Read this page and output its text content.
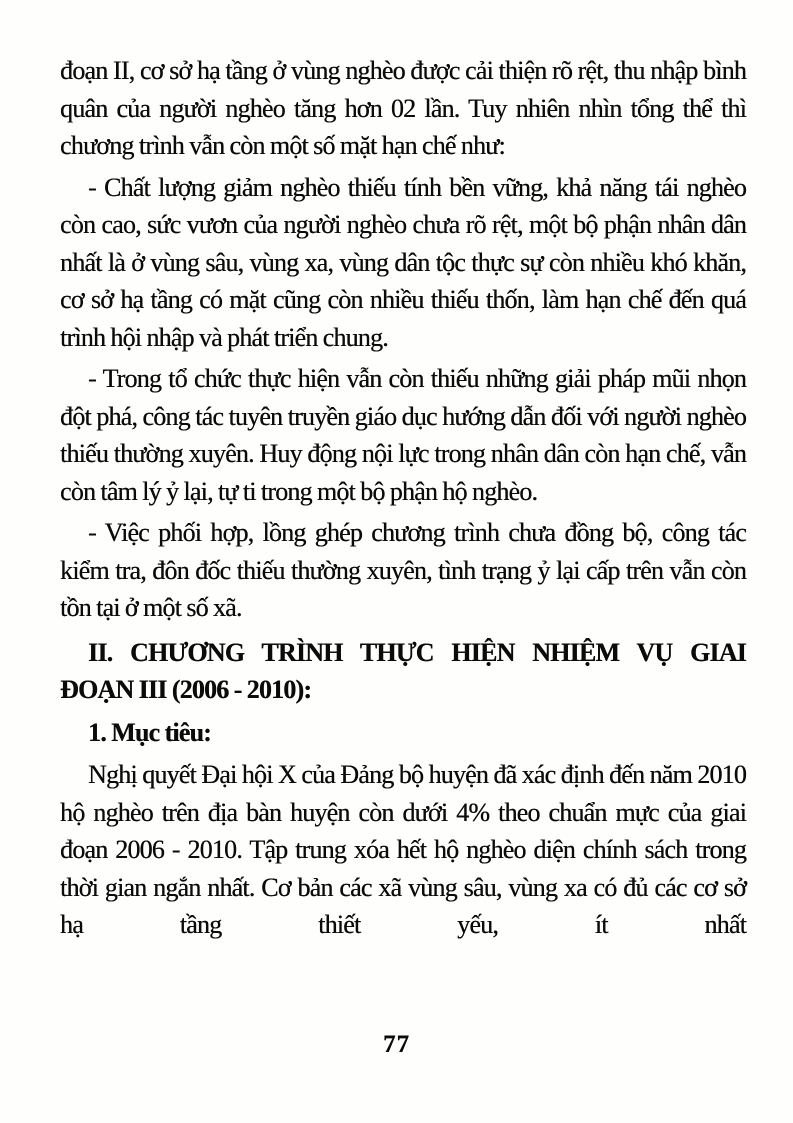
đoạn II, cơ sở hạ tầng ở vùng nghèo được cải thiện rõ rệt, thu nhập bình quân của người nghèo tăng hơn 02 lần. Tuy nhiên nhìn tổng thể thì chương trình vẫn còn một số mặt hạn chế như:

- Chất lượng giảm nghèo thiếu tính bền vững, khả năng tái nghèo còn cao, sức vươn của người nghèo chưa rõ rệt, một bộ phận nhân dân nhất là ở vùng sâu, vùng xa, vùng dân tộc thực sự còn nhiều khó khăn, cơ sở hạ tầng có mặt cũng còn nhiều thiếu thốn, làm hạn chế đến quá trình hội nhập và phát triển chung.

- Trong tổ chức thực hiện vẫn còn thiếu những giải pháp mũi nhọn đột phá, công tác tuyên truyền giáo dục hướng dẫn đối với người nghèo thiếu thường xuyên. Huy động nội lực trong nhân dân còn hạn chế, vẫn còn tâm lý ỷ lại, tự ti trong một bộ phận hộ nghèo.

- Việc phối hợp, lồng ghép chương trình chưa đồng bộ, công tác kiểm tra, đôn đốc thiếu thường xuyên, tình trạng ỷ lại cấp trên vẫn còn tồn tại ở một số xã.

II. CHƯƠNG TRÌNH THỰC HIỆN NHIỆM VỤ GIAI
ĐOẠN III (2006 - 2010):
1. Mục tiêu:

Nghị quyết Đại hội X của Đảng bộ huyện đã xác định đến năm 2010 hộ nghèo trên địa bàn huyện còn dưới 4% theo chuẩn mực của giai đoạn 2006 - 2010. Tập trung xóa hết hộ nghèo diện chính sách trong thời gian ngắn nhất. Cơ bản các xã vùng sâu, vùng xa có đủ các cơ sở hạ tầng thiết yếu, ít nhất

77
